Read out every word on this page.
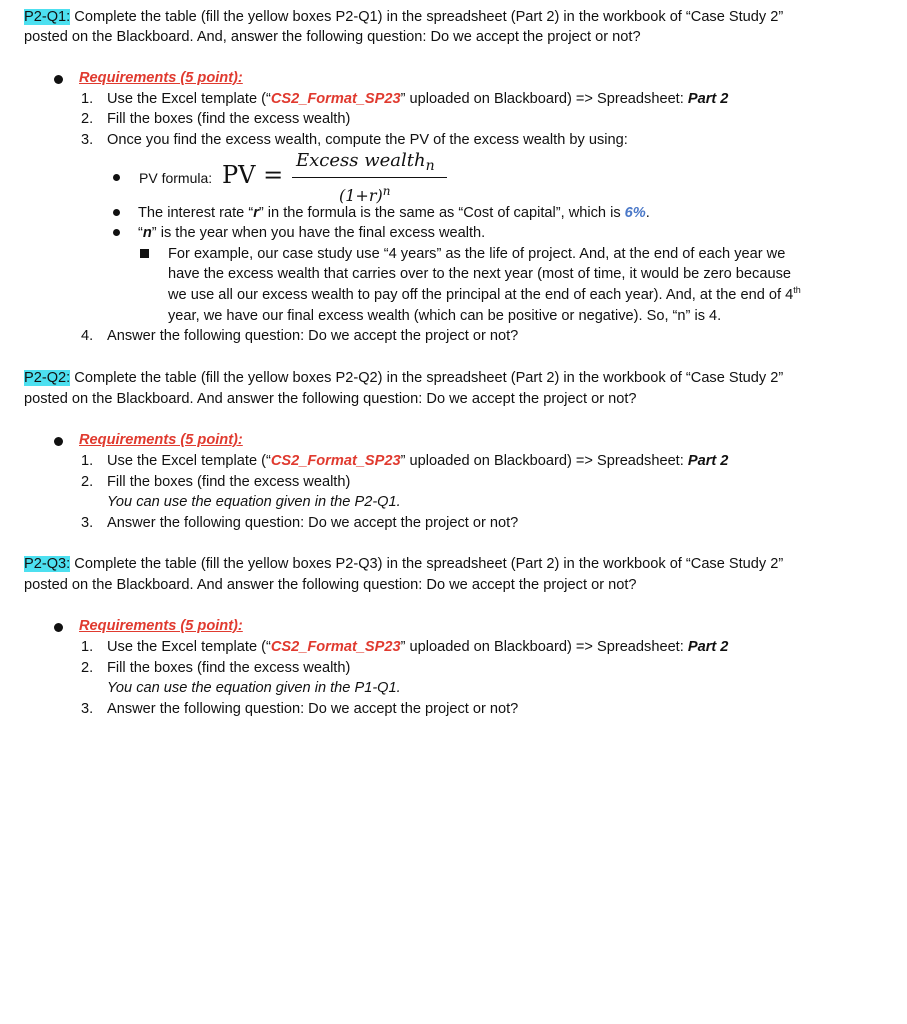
P2-Q1: Complete the table (fill the yellow boxes P2-Q1) in the spreadsheet (Part 2) in the workbook of “Case Study 2”
posted on the Blackboard. And, answer the following question: Do we accept the project or not?
Requirements (5 point):
1. Use the Excel template (“CS2_Format_SP23” uploaded on Blackboard) => Spreadsheet: Part 2
2. Fill the boxes (find the excess wealth)
3. Once you find the excess wealth, compute the PV of the excess wealth by using:
PV formula: PV =
Excess wealth$_n$
$(1+r)^n$
The interest rate “r” in the formula is the same as “Cost of capital”, which is 6%.
“n” is the year when you have the final excess wealth.
For example, our case study use “4 years” as the life of project. And, at the end of each year we
have the excess wealth that carries over to the next year (most of time, it would be zero because
we use all our excess wealth to pay off the principal at the end of each year). And, at the end of 4th
year, we have our final excess wealth (which can be positive or negative). So, “n” is 4.
4. Answer the following question: Do we accept the project or not?
P2-Q2: Complete the table (fill the yellow boxes P2-Q2) in the spreadsheet (Part 2) in the workbook of “Case Study 2”
posted on the Blackboard. And answer the following question: Do we accept the project or not?
Requirements (5 point):
1. Use the Excel template (“CS2_Format_SP23” uploaded on Blackboard) => Spreadsheet: Part 2
2. Fill the boxes (find the excess wealth)
You can use the equation given in the P2-Q1.
3. Answer the following question: Do we accept the project or not?
P2-Q3: Complete the table (fill the yellow boxes P2-Q3) in the spreadsheet (Part 2) in the workbook of “Case Study 2”
posted on the Blackboard. And answer the following question: Do we accept the project or not?
Requirements (5 point):
1. Use the Excel template (“CS2_Format_SP23” uploaded on Blackboard) => Spreadsheet: Part 2
2. Fill the boxes (find the excess wealth)
You can use the equation given in the P1-Q1.
3. Answer the following question: Do we accept the project or not?
